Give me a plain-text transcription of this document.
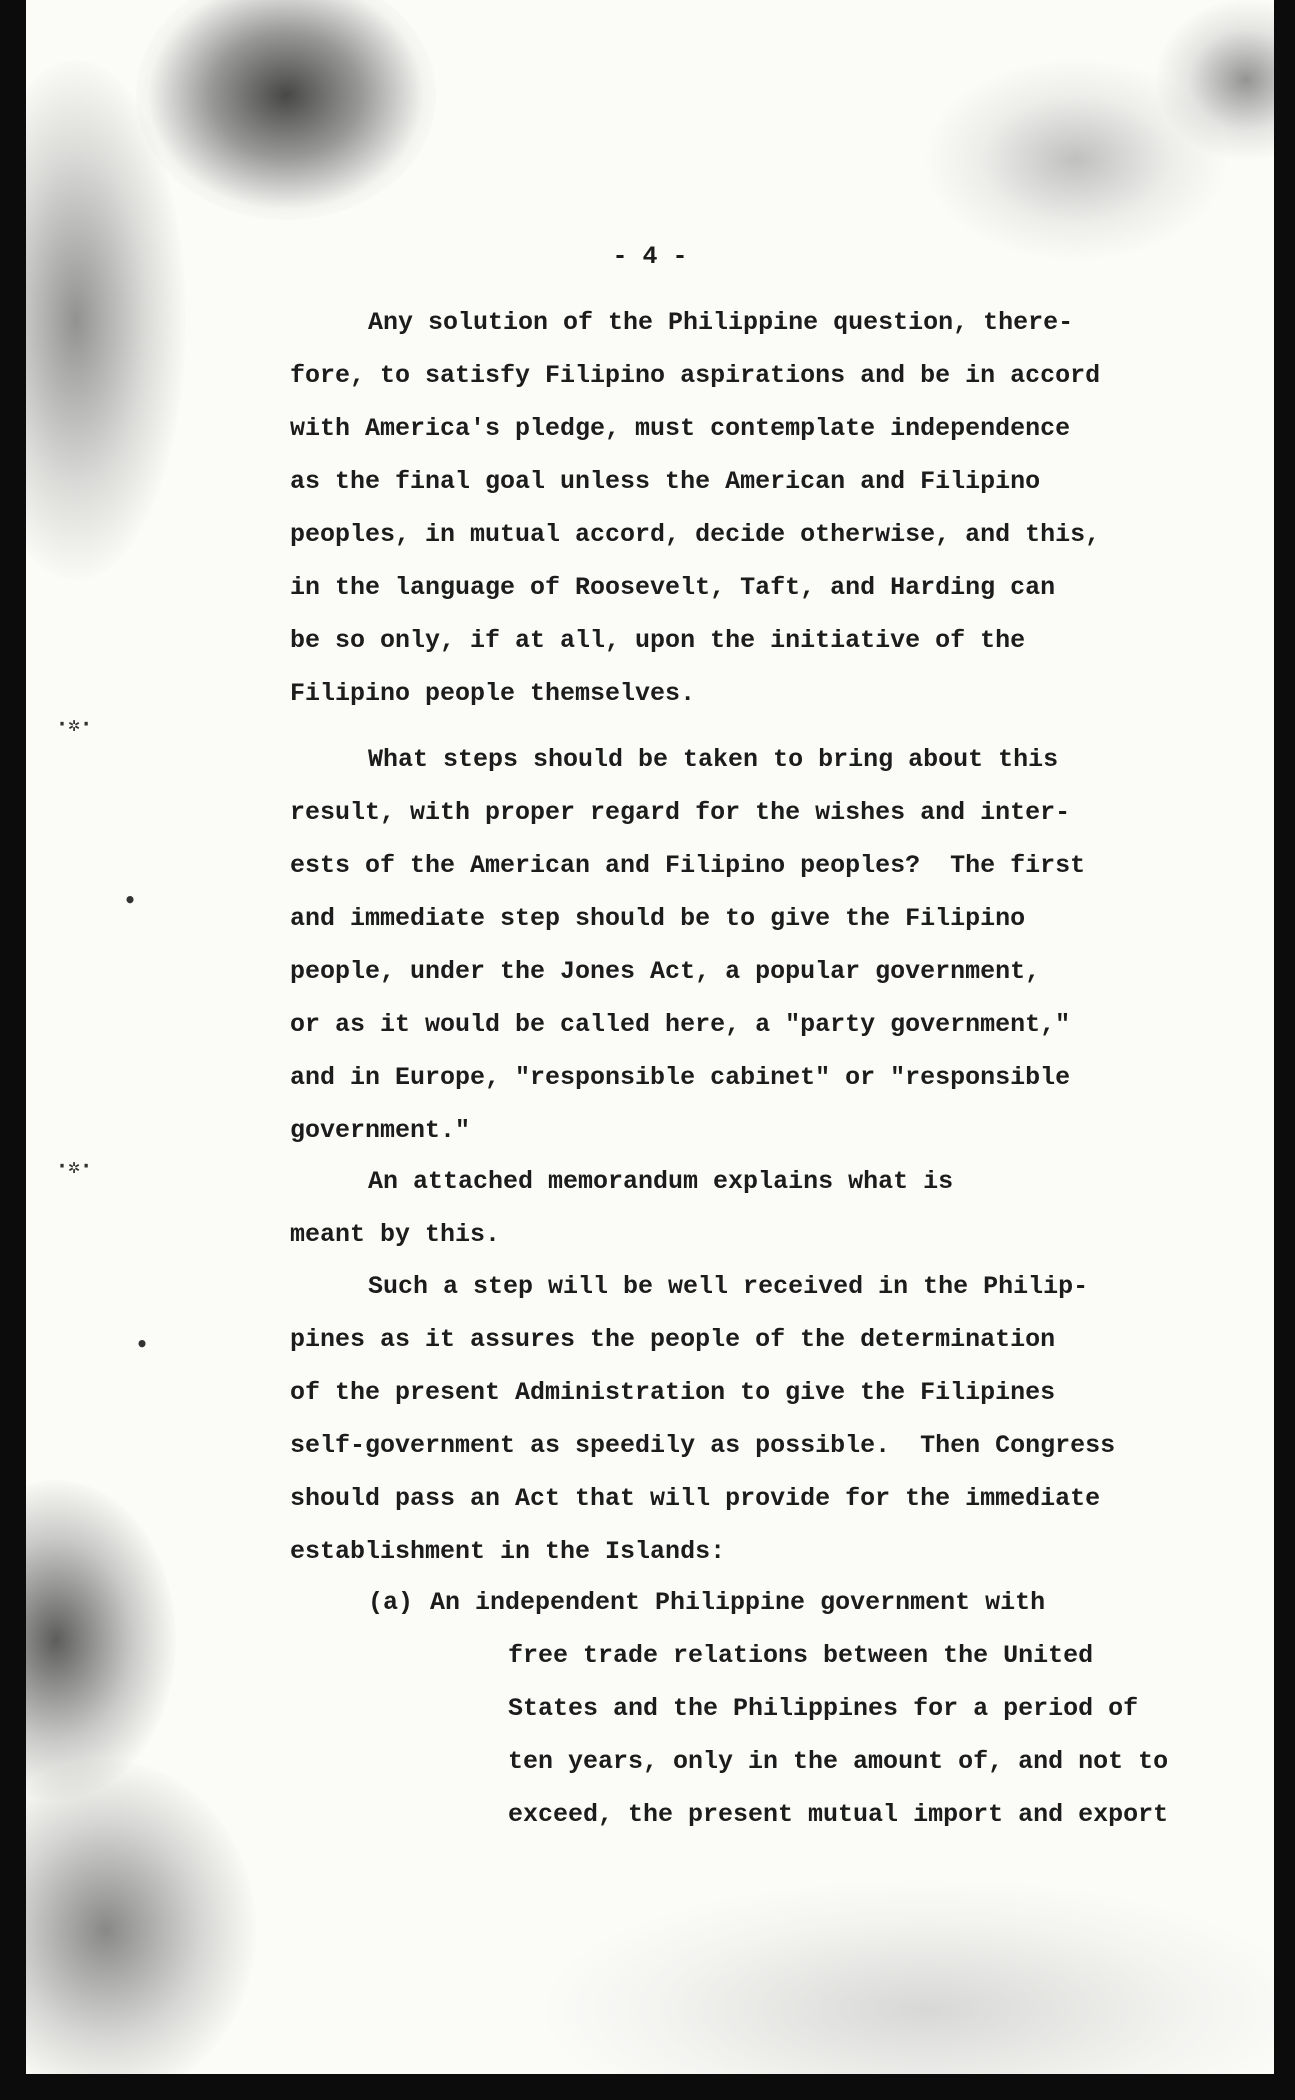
·✲·
•
·✲·
•
- 4 -
Any solution of the Philippine question, there-
fore, to satisfy Filipino aspirations and be in accord
with America's pledge, must contemplate independence
as the final goal unless the American and Filipino
peoples, in mutual accord, decide otherwise, and this,
in the language of Roosevelt, Taft, and Harding can
be so only, if at all, upon the initiative of the
Filipino people themselves.
What steps should be taken to bring about this
result, with proper regard for the wishes and inter-
ests of the American and Filipino peoples?  The first
and immediate step should be to give the Filipino
people, under the Jones Act, a popular government,
or as it would be called here, a "party government,"
and in Europe, "responsible cabinet" or "responsible
government."
An attached memorandum explains what is
meant by this.
Such a step will be well received in the Philip-
pines as it assures the people of the determination
of the present Administration to give the Filipines
self-government as speedily as possible.  Then Congress
should pass an Act that will provide for the immediate
establishment in the Islands:
(a) An independent Philippine government with
free trade relations between the United
States and the Philippines for a period of
ten years, only in the amount of, and not to
exceed, the present mutual import and export
